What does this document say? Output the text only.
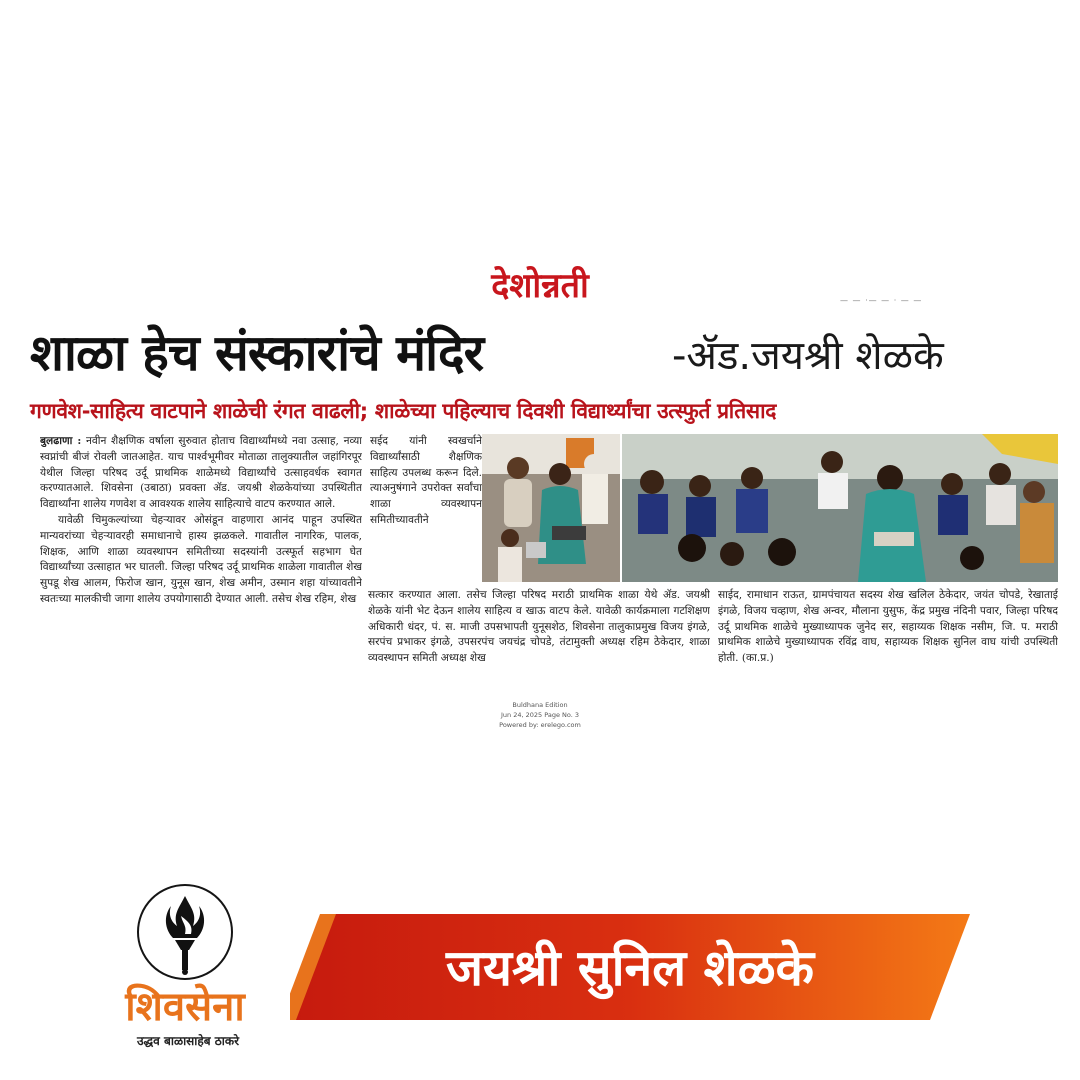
देशोन्नती	— — ·— — · — —
शाळा हेच संस्कारांचे मंदिर	-ॲड.जयश्री शेळके
गणवेश-साहित्य वाटपाने शाळेची रंगत वाढली; शाळेच्या पहिल्याच दिवशी विद्यार्थ्यांचा उत्स्फुर्त प्रतिसाद

बुलढाणा : नवीन शैक्षणिक वर्षाला सुरुवात होताच विद्यार्थ्यांमध्ये नवा उत्साह, नव्या स्वप्नांची बीजं रोवली जातआहेत. याच पार्श्वभूमीवर मोताळा तालुक्यातील जहांगिरपूर येथील जिल्हा परिषद उर्दू प्राथमिक शाळेमध्ये विद्यार्थ्यांचे उत्साहवर्धक स्वागत करण्यातआले. शिवसेना (उबाठा) प्रवक्ता ॲड. जयश्री शेळकेयांच्या उपस्थितीत विद्यार्थ्यांना शालेय गणवेश व आवश्यक शालेय साहित्याचे वाटप करण्यात आले.

यावेळी चिमुकल्यांच्या चेहऱ्यावर ओसंडून वाहणारा आनंद पाहून उपस्थित मान्यवरांच्या चेहऱ्यावरही समाधानाचे हास्य झळकले. गावातील नागरिक, पालक, शिक्षक, आणि शाळा व्यवस्थापन समितीच्या सदस्यांनी उत्स्फूर्त सहभाग घेत विद्यार्थ्यांच्या उत्साहात भर घातली. जिल्हा परिषद उर्दू प्राथमिक शाळेला गावातील शेख सुपडू शेख आलम, फिरोज खान, युनूस खान, शेख अमीन, उस्मान शहा यांच्यावतीने स्वतःच्या मालकीची जागा शालेय उपयोगासाठी देण्यात आली. तसेच शेख रहिम, शेख

सईद यांनी स्वखर्चाने विद्यार्थ्यांसाठी शैक्षणिक साहित्य उपलब्ध करून दिले. त्याअनुषंगाने उपरोक्त सर्वांचा शाळा व्यवस्थापन समितीच्यावतीने
सत्कार करण्यात आला. तसेच जिल्हा परिषद मराठी प्राथमिक शाळा येथे ॲड. जयश्री शेळके यांनी भेट देऊन शालेय साहित्य व खाऊ वाटप केले. यावेळी कार्यक्रमाला गटशिक्षण अधिकारी धंदर, पं. स. माजी उपसभापती युनूसशेठ, शिवसेना तालुकाप्रमुख विजय इंगळे, सरपंच प्रभाकर इंगळे, उपसरपंच जयचंद्र चोपडे, तंटामुक्ती अध्यक्ष रहिम ठेकेदार, शाळा व्यवस्थापन समिती अध्यक्ष शेख
साईद, रामाधान राऊत, ग्रामपंचायत सदस्य शेख खलिल ठेकेदार, जयंत चोपडे, रेखाताई इंगळे, विजय चव्हाण, शेख अन्वर, मौलाना युसुफ, केंद्र प्रमुख नंदिनी पवार, जिल्हा परिषद उर्दू प्राथमिक शाळेचे मुख्याध्यापक जुनेद सर, सहाय्यक शिक्षक नसीम, जि. प. मराठी प्राथमिक शाळेचे मुख्याध्यापक रविंद्र वाघ, सहाय्यक शिक्षक सुनिल वाघ यांची उपस्थिती होती. (का.प्र.)
Buldhana Edition
Jun 24, 2025 Page No. 3
Powered by: erelego.com
शिवसेना
उद्धव बाळासाहेब ठाकरे
जयश्री सुनिल शेळके
